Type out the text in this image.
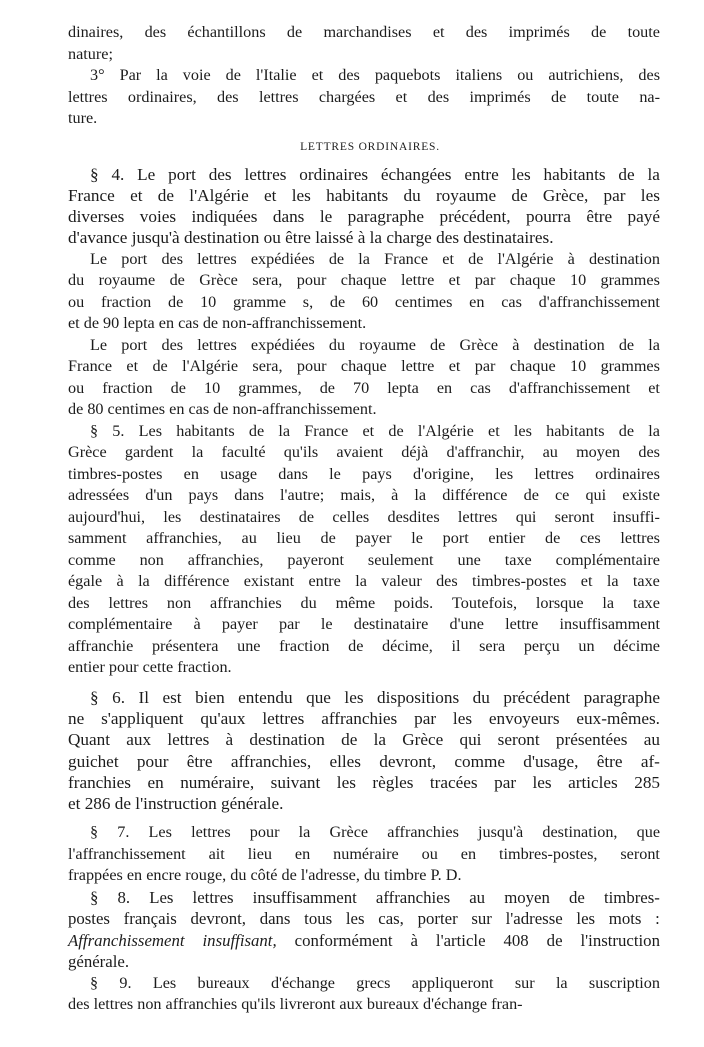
dinaires, des échantillons de marchandises et des imprimés de toute
nature;
3° Par la voie de l'Italie et des paquebots italiens ou autrichiens, des
lettres ordinaires, des lettres chargées et des imprimés de toute na-
ture.
LETTRES ORDINAIRES.
§ 4. Le port des lettres ordinaires échangées entre les habitants de la
France et de l'Algérie et les habitants du royaume de Grèce, par les
diverses voies indiquées dans le paragraphe précédent, pourra être payé
d'avance jusqu'à destination ou être laissé à la charge des destinataires.
Le port des lettres expédiées de la France et de l'Algérie à destination
du royaume de Grèce sera, pour chaque lettre et par chaque 10 grammes
ou fraction de 10 gramme s, de 60 centimes en cas d'affranchissement
et de 90 lepta en cas de non-affranchissement.
Le port des lettres expédiées du royaume de Grèce à destination de la
France et de l'Algérie sera, pour chaque lettre et par chaque 10 grammes
ou fraction de 10 grammes, de 70 lepta en cas d'affranchissement et
de 80 centimes en cas de non-affranchissement.
§ 5. Les habitants de la France et de l'Algérie et les habitants de la
Grèce gardent la faculté qu'ils avaient déjà d'affranchir, au moyen des
timbres-postes en usage dans le pays d'origine, les lettres ordinaires
adressées d'un pays dans l'autre; mais, à la différence de ce qui existe
aujourd'hui, les destinataires de celles desdites lettres qui seront insuffi-
samment affranchies, au lieu de payer le port entier de ces lettres
comme non affranchies, payeront seulement une taxe complémentaire
égale à la différence existant entre la valeur des timbres-postes et la taxe
des lettres non affranchies du même poids. Toutefois, lorsque la taxe
complémentaire à payer par le destinataire d'une lettre insuffisamment
affranchie présentera une fraction de décime, il sera perçu un décime
entier pour cette fraction.
§ 6. Il est bien entendu que les dispositions du précédent paragraphe
ne s'appliquent qu'aux lettres affranchies par les envoyeurs eux-mêmes.
Quant aux lettres à destination de la Grèce qui seront présentées au
guichet pour être affranchies, elles devront, comme d'usage, être af-
franchies en numéraire, suivant les règles tracées par les articles 285
et 286 de l'instruction générale.
§ 7. Les lettres pour la Grèce affranchies jusqu'à destination, que
l'affranchissement ait lieu en numéraire ou en timbres-postes, seront
frappées en encre rouge, du côté de l'adresse, du timbre P. D.
§ 8. Les lettres insuffisamment affranchies au moyen de timbres-
postes français devront, dans tous les cas, porter sur l'adresse les mots :
Affranchissement insuffisant, conformément à l'article 408 de l'instruction
générale.
§ 9. Les bureaux d'échange grecs appliqueront sur la suscription
des lettres non affranchies qu'ils livreront aux bureaux d'échange fran-
